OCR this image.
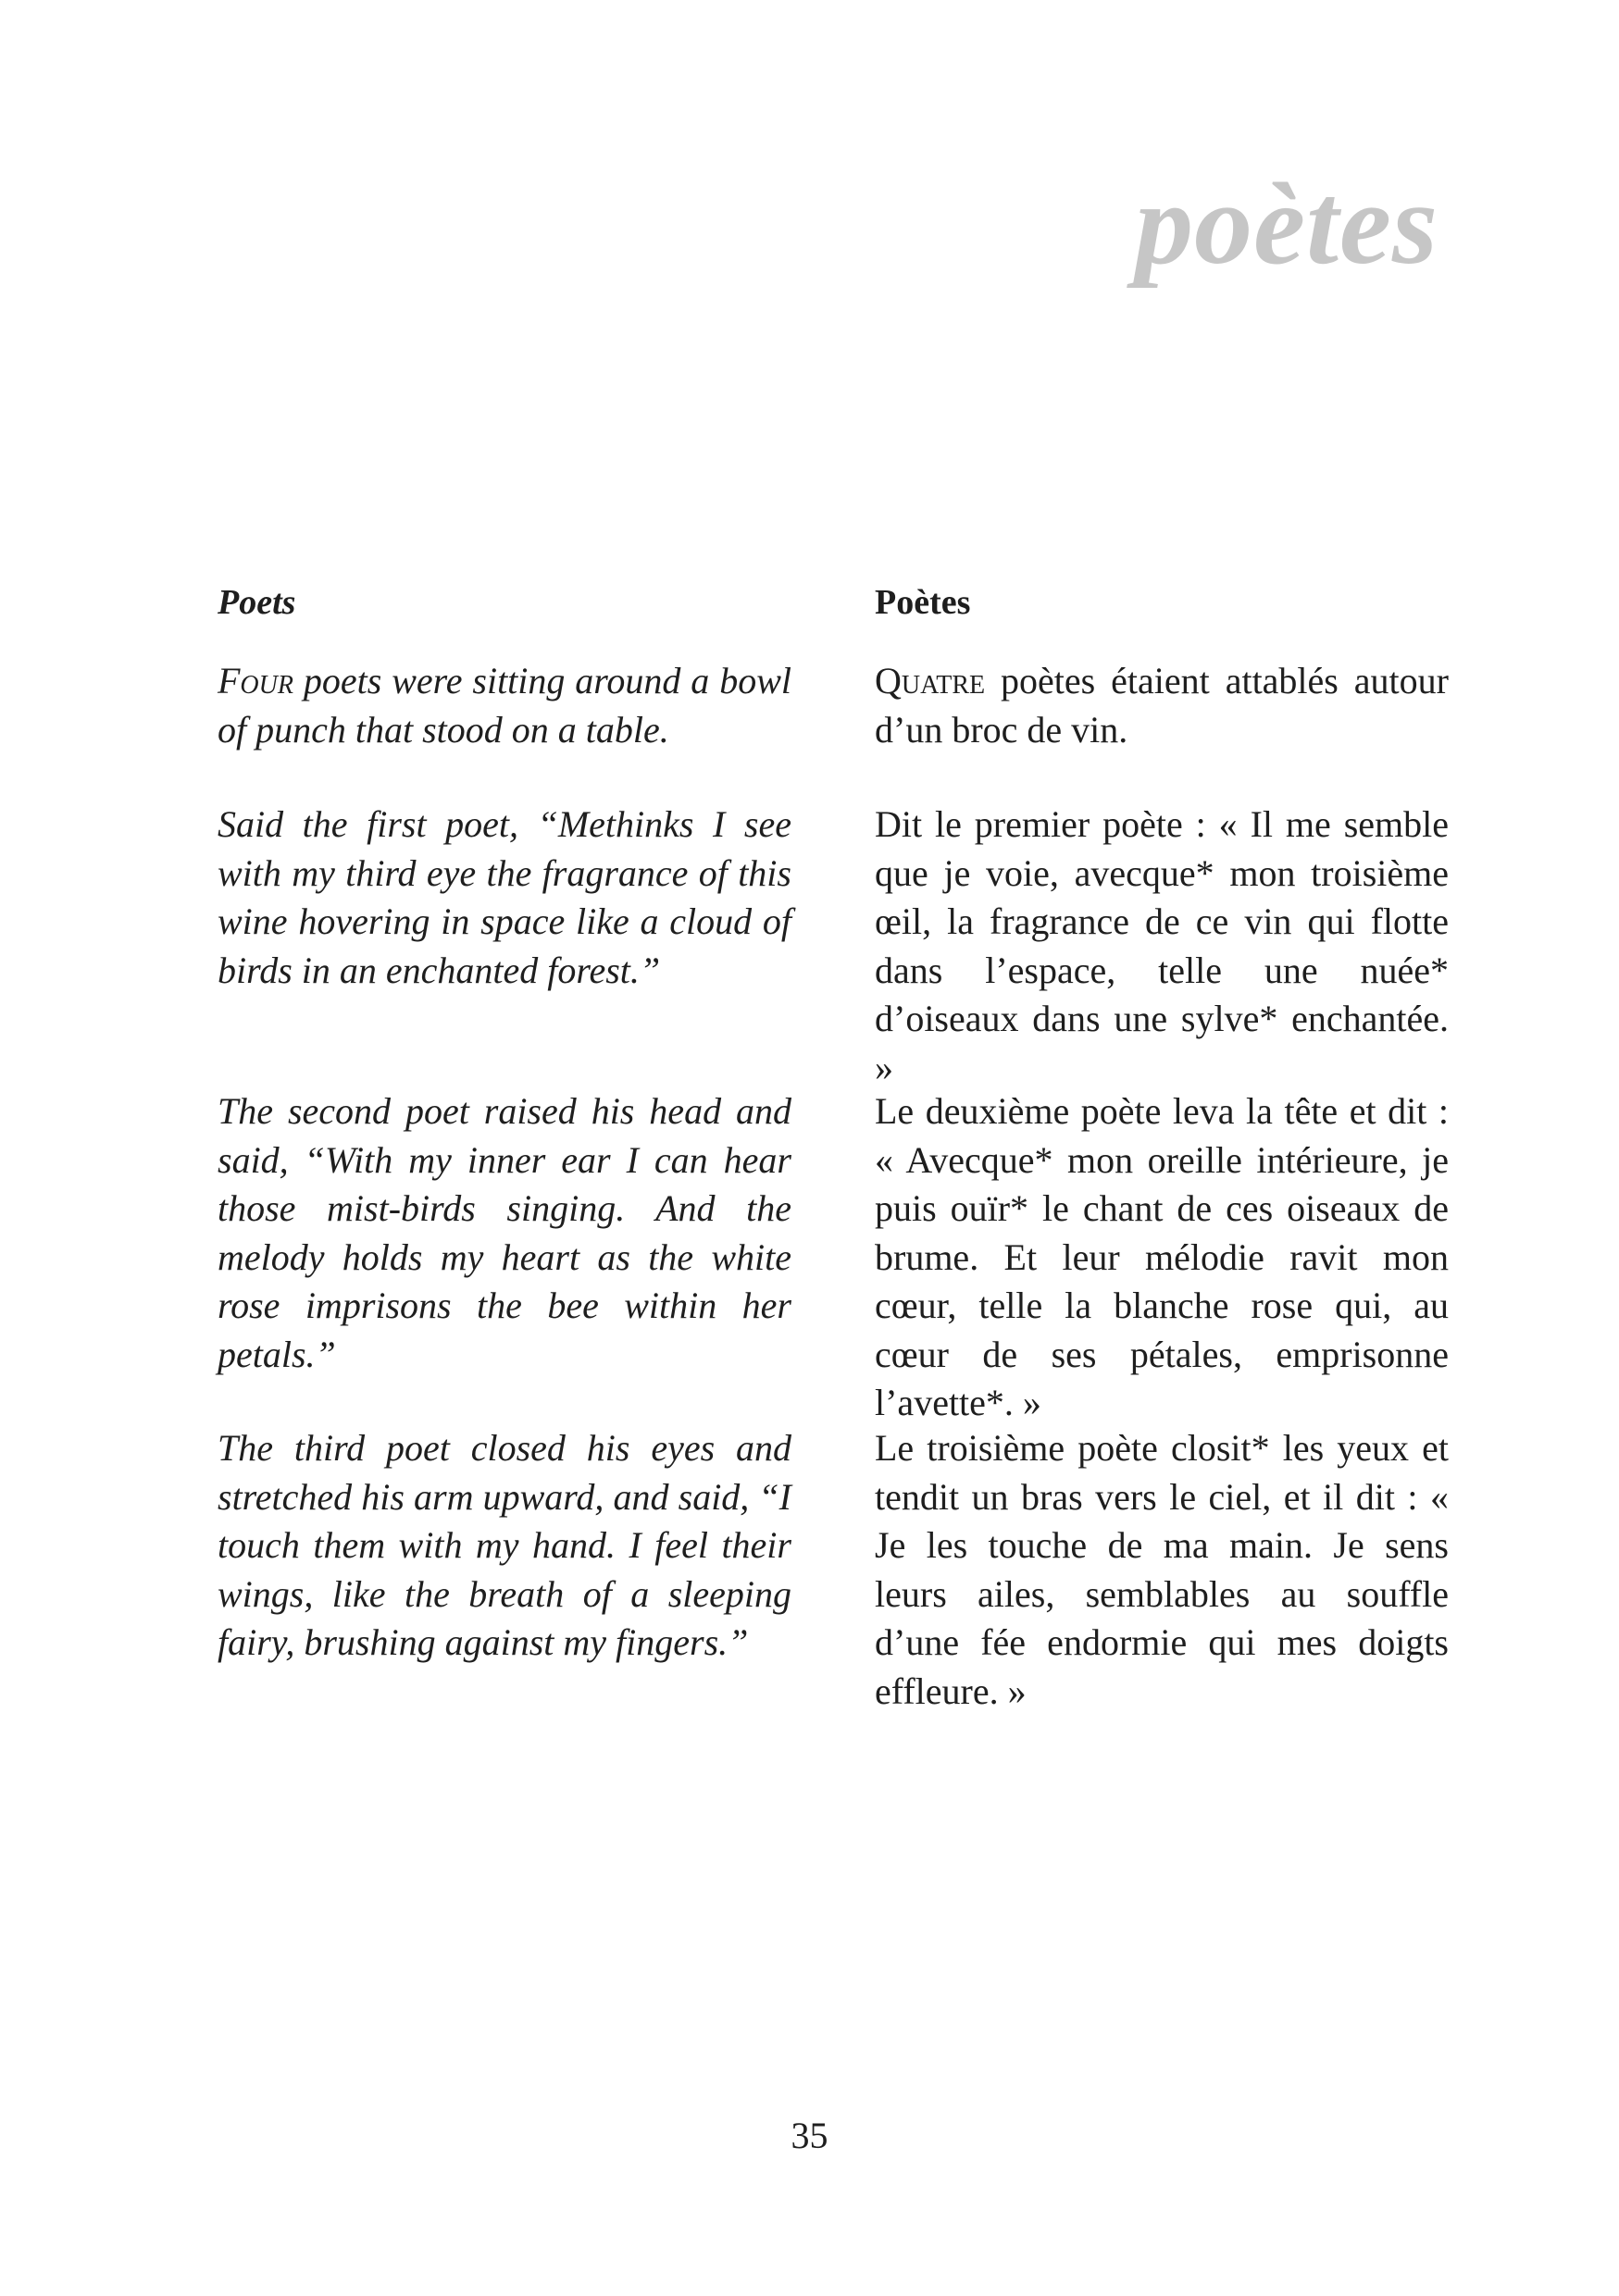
poètes
Poets

Four poets were sitting around a bowl of punch that stood on a table.

Said the first poet, “Methinks I see with my third eye the fragrance of this wine hovering in space like a cloud of birds in an enchanted forest.”

The second poet raised his head and said, “With my inner ear I can hear those mist-birds singing. And the melody holds my heart as the white rose imprisons the bee within her petals.”

The third poet closed his eyes and stretched his arm upward, and said, “I touch them with my hand. I feel their wings, like the breath of a sleeping fairy, brushing against my fingers.”

Poètes

Quatre poètes étaient attablés autour d’un broc de vin.

Dit le premier poète : « Il me semble que je voie, avecque* mon troisième œil, la fragrance de ce vin qui flotte dans l’espace, telle une nuée* d’oiseaux dans une sylve* enchantée. »

Le deuxième poète leva la tête et dit : « Avecque* mon oreille intérieure, je puis ouïr* le chant de ces oiseaux de brume. Et leur mélodie ravit mon cœur, telle la blanche rose qui, au cœur de ses pétales, emprisonne l’avette*. »

Le troisième poète closit* les yeux et tendit un bras vers le ciel, et il dit : « Je les touche de ma main. Je sens leurs ailes, semblables au souffle d’une fée endormie qui mes doigts effleure. »

35
